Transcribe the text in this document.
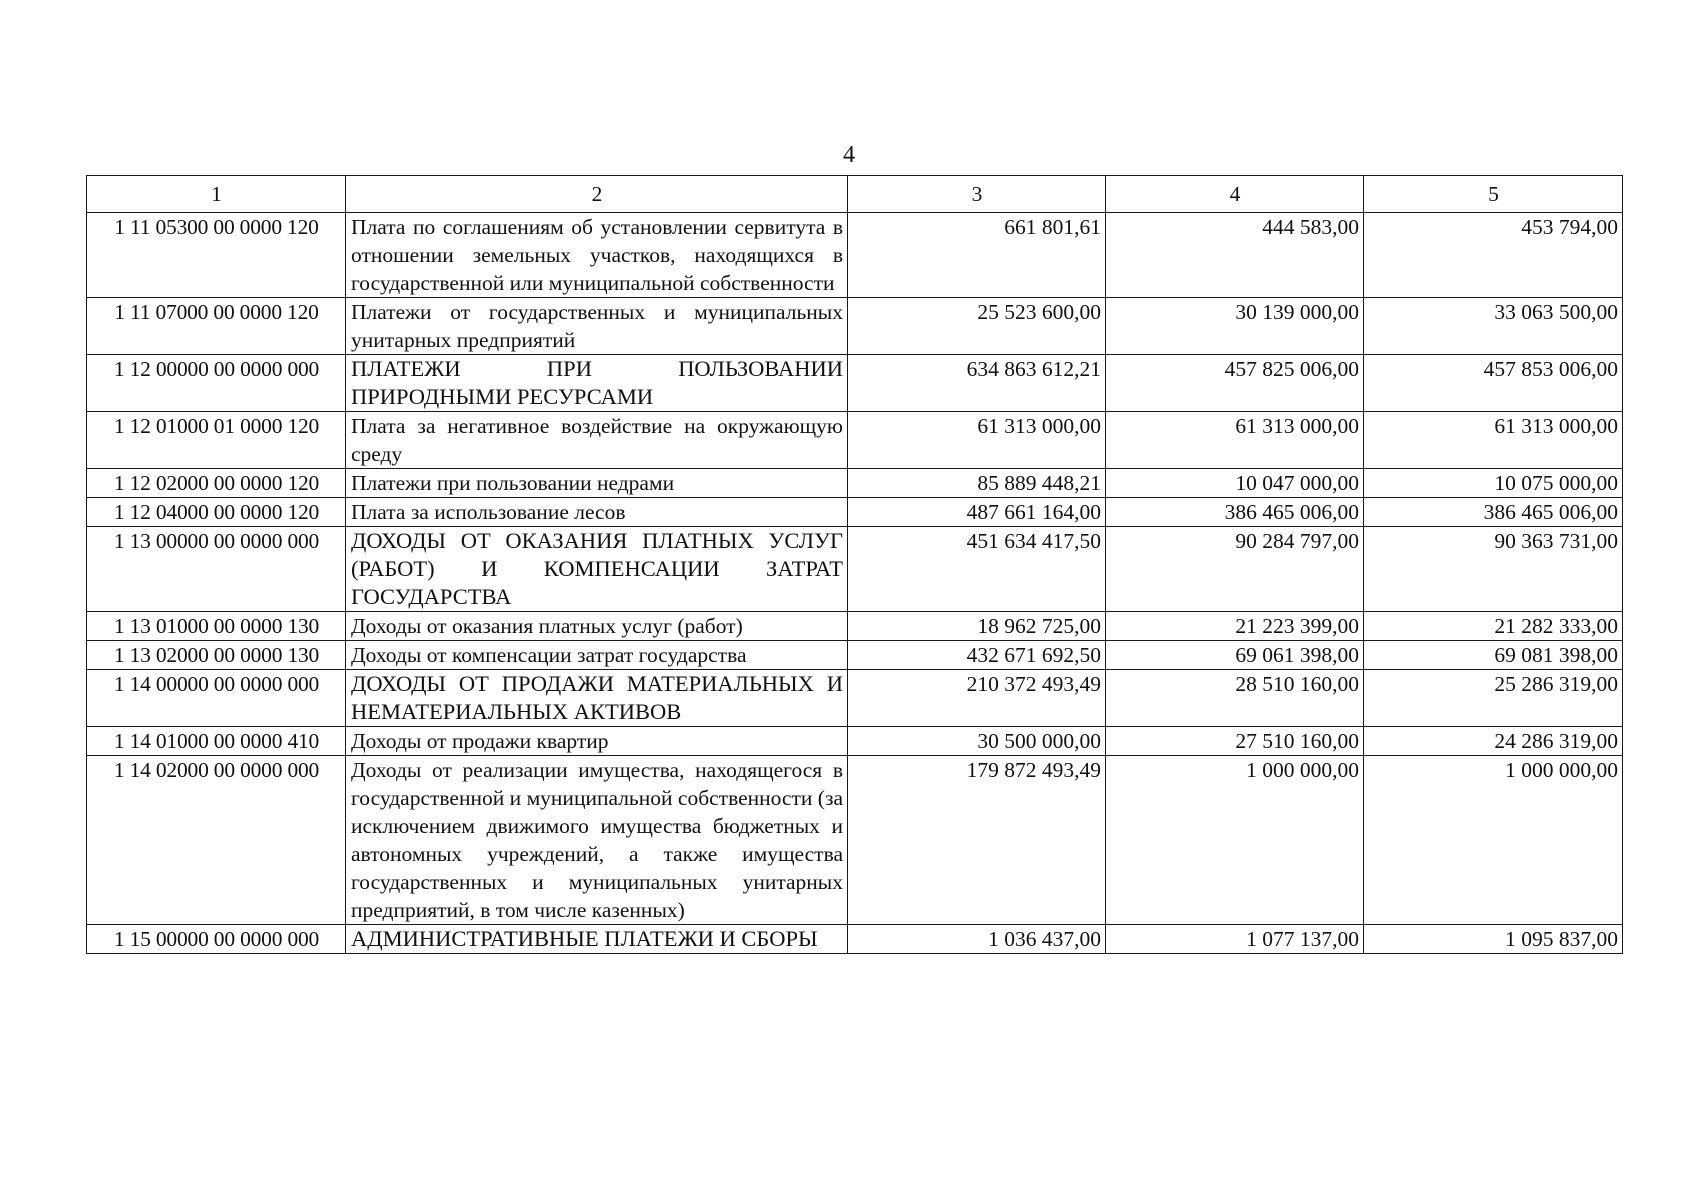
4
1	2	3	4	5
1 11 05300 00 0000 120	Плата по соглашениям об установлении сервитута в отношении земельных участков, находящихся в государственной или муниципальной собственности	661 801,61	444 583,00	453 794,00
1 11 07000 00 0000 120	Платежи от государственных и муниципальных унитарных предприятий	25 523 600,00	30 139 000,00	33 063 500,00
1 12 00000 00 0000 000	ПЛАТЕЖИ ПРИ ПОЛЬЗОВАНИИ ПРИРОДНЫМИ РЕСУРСАМИ	634 863 612,21	457 825 006,00	457 853 006,00
1 12 01000 01 0000 120	Плата за негативное воздействие на окружающую среду	61 313 000,00	61 313 000,00	61 313 000,00
1 12 02000 00 0000 120	Платежи при пользовании недрами	85 889 448,21	10 047 000,00	10 075 000,00
1 12 04000 00 0000 120	Плата за использование лесов	487 661 164,00	386 465 006,00	386 465 006,00
1 13 00000 00 0000 000	ДОХОДЫ ОТ ОКАЗАНИЯ ПЛАТНЫХ УСЛУГ (РАБОТ) И КОМПЕНСАЦИИ ЗАТРАТ ГОСУДАРСТВА	451 634 417,50	90 284 797,00	90 363 731,00
1 13 01000 00 0000 130	Доходы от оказания платных услуг (работ)	18 962 725,00	21 223 399,00	21 282 333,00
1 13 02000 00 0000 130	Доходы от компенсации затрат государства	432 671 692,50	69 061 398,00	69 081 398,00
1 14 00000 00 0000 000	ДОХОДЫ ОТ ПРОДАЖИ МАТЕРИАЛЬНЫХ И НЕМАТЕРИАЛЬНЫХ АКТИВОВ	210 372 493,49	28 510 160,00	25 286 319,00
1 14 01000 00 0000 410	Доходы от продажи квартир	30 500 000,00	27 510 160,00	24 286 319,00
1 14 02000 00 0000 000	Доходы от реализации имущества, находящегося в государственной и муниципальной собственности (за исключением движимого имущества бюджетных и автономных учреждений, а также имущества государственных и муниципальных унитарных предприятий, в том числе казенных)	179 872 493,49	1 000 000,00	1 000 000,00
1 15 00000 00 0000 000	АДМИНИСТРАТИВНЫЕ ПЛАТЕЖИ И СБОРЫ	1 036 437,00	1 077 137,00	1 095 837,00
